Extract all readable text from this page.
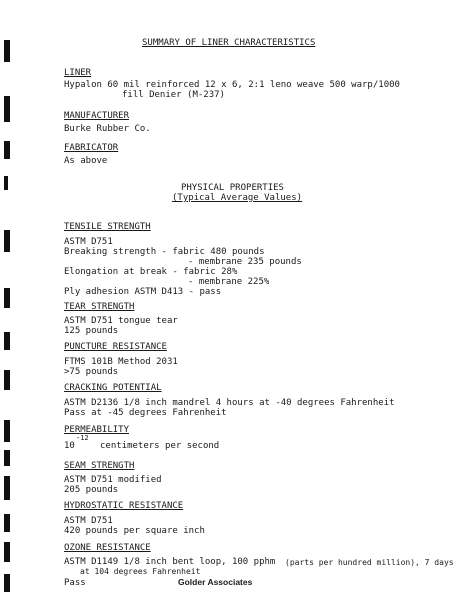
SUMMARY OF LINER CHARACTERISTICS
LINER
Hypalon 60 mil reinforced 12 x 6, 2:1 leno weave 500 warp/1000
fill Denier (M-237)
MANUFACTURER
Burke Rubber Co.
FABRICATOR
As above
PHYSICAL PROPERTIES
(Typical Average Values)
TENSILE STRENGTH
ASTM D751
Breaking strength - fabric 480 pounds
- membrane 235 pounds
Elongation at break - fabric 28%
- membrane 225%
Ply adhesion ASTM D413 - pass
TEAR STRENGTH
ASTM D751 tongue tear
125 pounds
PUNCTURE RESISTANCE
FTMS 101B Method 2031
>75 pounds
CRACKING POTENTIAL
ASTM D2136 1/8 inch mandrel 4 hours at -40 degrees Fahrenheit
Pass at -45 degrees Fahrenheit
PERMEABILITY
10
-12
centimeters per second
SEAM STRENGTH
ASTM D751 modified
205 pounds
HYDROSTATIC RESISTANCE
ASTM D751
420 pounds per square inch
OZONE RESISTANCE
ASTM D1149 1/8 inch bent loop, 100 pphm (parts per hundred million), 7 days
at 104 degrees Fahrenheit
Pass	Golder Associates
